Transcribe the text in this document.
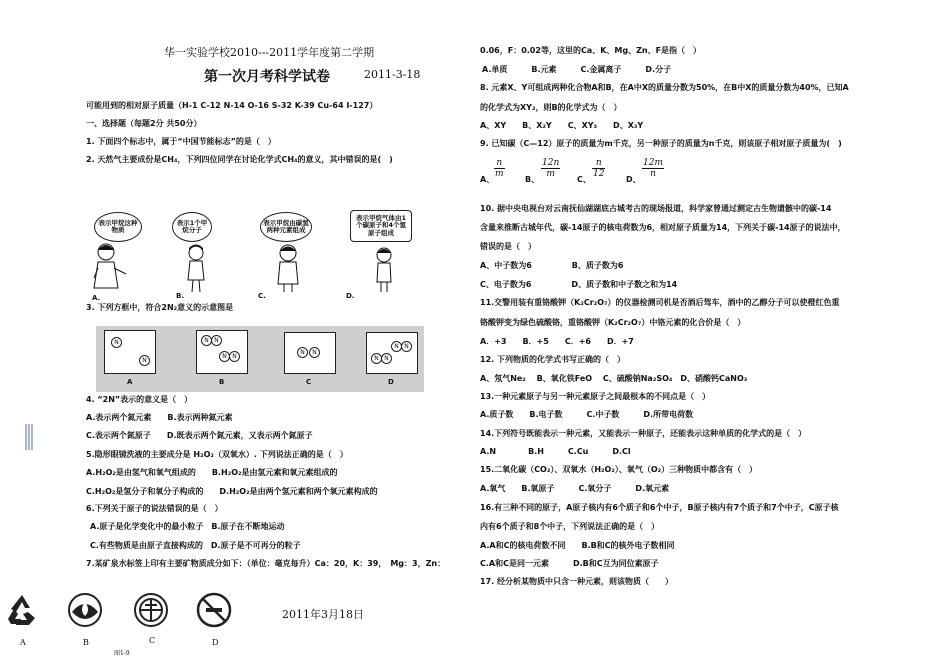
华一实验学校2010---2011学年度第二学期
第一次月考科学试卷	2011-3-18
可能用到的相对原子质量（H-1 C-12 N-14 O-16 S-32 K-39 Cu-64 I-127）
一、选择题（每题2分 共50分）
1. 下面四个标志中，属于“中国节能标志”的是（　）
2. 天然气主要成份是CH₄，下列四位同学在讨论化学式CH₄的意义，其中错误的是(　)
表示甲烷这种物质
表示1个甲烷分子
表示甲烷由碳氢两种元素组成
表示甲烷气体由1个碳原子和4个氢原子组成
A.	B.	C.	D.
3. 下列方框中，符合2N₂意义的示意图是
N
N
N N
N N
N	N
N N
N N
A	B	C	D
4. “2N”表示的意义是（　）
A.表示两个氮元素　　B.表示两种氮元素
C.表示两个氮原子　　D.既表示两个氮元素，又表示两个氮原子
5.隐形眼镜洗液的主要成分是 H₂O₂（双氧水）. 下列说法正确的是（　）
A.H₂O₂是由氢气和氧气组成的　　B.H₂O₂是由氢元素和氧元素组成的
C.H₂O₂是氢分子和氧分子构成的　　D.H₂O₂是由两个氢元素和两个氧元素构成的
6.下列关于原子的说法错误的是（　）
A.原子是化学变化中的最小粒子　B.原子在不断地运动
C.有些物质是由原子直接构成的　D.原子是不可再分的粒子
7.某矿泉水标签上印有主要矿物质成分如下：（单位：毫克每升）Ca：20，K：39，　Mg：3，Zn：
A	B	C	D
图1-9
2011年3月18日
0.06，F：0.02等，这里的Ca、K、Mg、Zn、F是指（　）
A.单质　　　B.元素　　　C.金属离子　　　D.分子
8. 元素X、Y可组成两种化合物A和B，在A中X的质量分数为50%，在B中X的质量分数为40%，已知A
的化学式为XY₂，则B的化学式为（　）
A、XY　　B、X₂Y　　C、XY₃　　D、X₃Y
9. 已知碳（C—12）原子的质量为m千克，另一种原子的质量为n千克，则该原子相对原子质量为(　)
A、
$\frac{n}{m}$
B、
$\frac{12n}{m}$
C、
$\frac{n}{12}$
D、
$\frac{12m}{n}$
10. 据中央电视台对云南抚仙湖湖底古城考古的现场报道，科学家曾通过测定古生物遗骸中的碳-14
含量来推断古城年代，碳-14原子的核电荷数为6，相对原子质量为14，下列关于碳-14原子的说法中，
错误的是（　）
A、中子数为6　　　　　B、质子数为6
C、电子数为6　　　　　D、质子数和中子数之和为14
11.交警用装有重铬酸钾（K₂Cr₂O₇）的仪器检测司机是否酒后驾车，酒中的乙醇分子可以使橙红色重
铬酸钾变为绿色硫酸铬，重铬酸钾（K₂Cr₂O₇）中铬元素的化合价是（　）
A．+3　　B．+5　　C．+6　　D．+7
12. 下列物质的化学式书写正确的（　）
A、氖气Ne₂　 B、氧化铁FeO　 C、硫酸钠Na₂SO₄　D、硝酸钙CaNO₃
13.一种元素原子与另一种元素原子之间最根本的不同点是（　）
A.质子数　　B.电子数　　　C.中子数　　　D.所带电荷数
14.下列符号既能表示一种元素，又能表示一种原子，还能表示这种单质的化学式的是（　）
A.N　　　　B.H　　　C.Cu　　　D.Cl
15.二氧化碳（CO₂）、双氧水（H₂O₂）、氧气（O₂）三种物质中都含有（　）
A.氧气　　B.氧原子　　　C.氧分子　　　D.氧元素
16.有三种不同的原子，A原子核内有6个质子和6个中子，B原子核内有7个质子和7个中子，C原子核
内有6个质子和8个中子，下列说法正确的是（　）
A.A和C的核电荷数不同　　B.B和C的核外电子数相同
C.A和C是同一元素　　　D.B和C互为同位素原子
17. 经分析某物质中只含一种元素，则该物质（　　）
